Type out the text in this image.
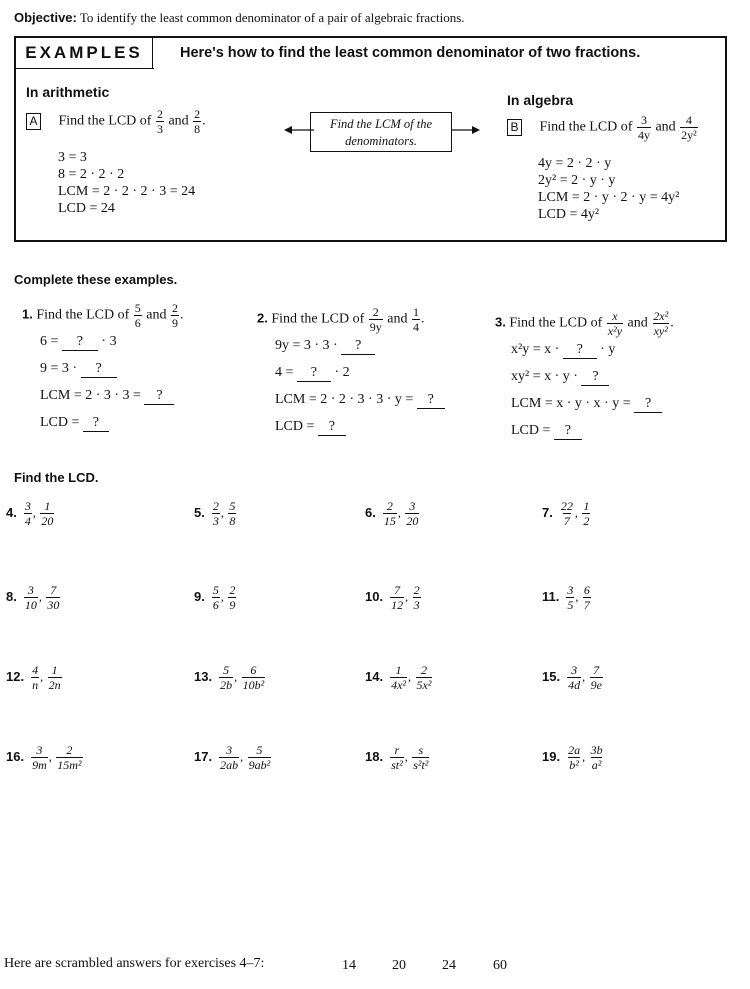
Objective: To identify the least common denominator of a pair of algebraic fractions.
EXAMPLES	Here's how to find the least common denominator of two fractions.
In arithmetic
A Find the LCD of $\frac{2}{3}$ and $\frac{2}{8}$ .
3 = 3
8 = 2 · 2 · 2
LCM = 2 · 2 · 2 · 3 = 24
LCD = 24
Find the LCM of the
denominators.
In algebra
B Find the LCD of $\frac{3}{4y}$ and $\frac{4}{\text{2y²}}$
4y = 2 · 2 · y
2y² = 2 · y · y
LCM = 2 · y · 2 · y = 4y²
LCD = 4y²
Complete these examples.
1. Find the LCD of $\frac{5}{6}$ and $\frac{2}{9}$ .
6 = ? · 3
9 = 3 · ?
LCM = 2 · 3 · 3 = ?
LCD = ?
2. Find the LCD of $\frac{2}{9y}$ and $\frac{1}{4}$ .
9y = 3 · 3 · ?
4 = ? · 2
LCM = 2 · 2 · 3 · 3 · y = ?
LCD = ?
3. Find the LCD of $\frac{x}{\text{x²y}}$ and $\frac{\text{2x²}}{\text{xy²}}$ .
x²y = x · ? · y
xy² = x · y · ?
LCM = x · y · x · y = ?
LCD = ?
Find the LCD.
4. $\frac{3}{4}$ , $\frac{1}{20}$	5. $\frac{2}{3}$ , $\frac{5}{8}$	6. $\frac{2}{15}$ , $\frac{3}{20}$	7. $\frac{22}{7}$ , $\frac{1}{2}$
8. $\frac{3}{10}$ , $\frac{7}{30}$	9. $\frac{5}{6}$ , $\frac{2}{9}$	10. $\frac{7}{12}$ , $\frac{2}{3}$	11. $\frac{3}{5}$ , $\frac{6}{7}$
12. $\frac{4}{n}$ , $\frac{1}{2n}$	13. $\frac{5}{2b}$ , $\frac{6}{\text{10b²}}$	14. $\frac{1}{\text{4x²}}$ , $\frac{2}{\text{5x²}}$	15. $\frac{3}{4d}$ , $\frac{7}{9e}$
16. $\frac{3}{9m}$ , $\frac{2}{\text{15m²}}$	17. $\frac{3}{2ab}$ , $\frac{5}{\text{9ab²}}$	18. $\frac{r}{\text{st²}}$ , $\frac{s}{\text{s²t²}}$	19. $\frac{2a}{\text{b²}}$ , $\frac{3b}{\text{a²}}$
Here are scrambled answers for exercises 4–7:	14	20	24	60
